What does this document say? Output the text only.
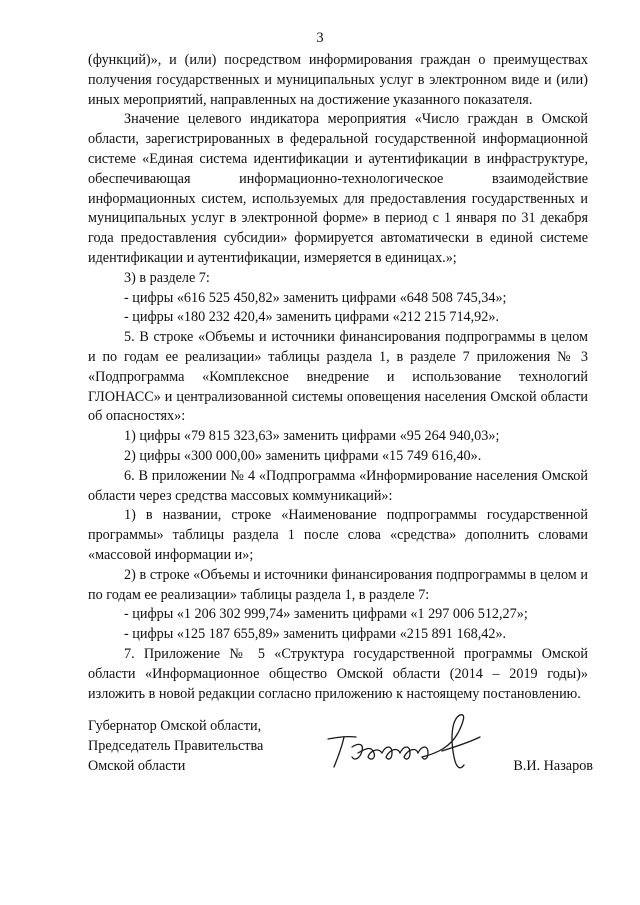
3

(функций)», и (или) посредством информирования граждан о преимуществах получения государственных и муниципальных услуг в электронном виде и (или) иных мероприятий, направленных на достижение указанного показателя.

Значение целевого индикатора мероприятия «Число граждан в Омской области, зарегистрированных в федеральной государственной информационной системе «Единая система идентификации и аутентификации в инфраструктуре, обеспечивающая информационно-технологическое взаимодействие информационных систем, используемых для предоставления государственных и муниципальных услуг в электронной форме» в период с 1 января по 31 декабря года предоставления субсидии» формируется автоматически в единой системе идентификации и аутентификации, измеряется в единицах.»;

3) в разделе 7:

- цифры «616 525 450,82» заменить цифрами «648 508 745,34»;

- цифры «180 232 420,4» заменить цифрами «212 215 714,92».

5. В строке «Объемы и источники финансирования подпрограммы в целом и по годам ее реализации» таблицы раздела 1, в разделе 7 приложения № 3 «Подпрограмма «Комплексное внедрение и использование технологий ГЛОНАСС» и централизованной системы оповещения населения Омской области об опасностях»:

1) цифры «79 815 323,63» заменить цифрами «95 264 940,03»;

2) цифры «300 000,00» заменить цифрами «15 749 616,40».

6. В приложении № 4 «Подпрограмма «Информирование населения Омской области через средства массовых коммуникаций»:

1) в названии, строке «Наименование подпрограммы государственной программы» таблицы раздела 1 после слова «средства» дополнить словами «массовой информации и»;

2) в строке «Объемы и источники финансирования подпрограммы в целом и по годам ее реализации» таблицы раздела 1, в разделе 7:

- цифры «1 206 302 999,74» заменить цифрами «1 297 006 512,27»;

- цифры «125 187 655,89» заменить цифрами «215 891 168,42».

7. Приложение № 5 «Структура государственной программы Омской области «Информационное общество Омской области (2014 – 2019 годы)» изложить в новой редакции согласно приложению к настоящему постановлению.

Губернатор Омской области,
Председатель Правительства
Омской области	В.И. Назаров
